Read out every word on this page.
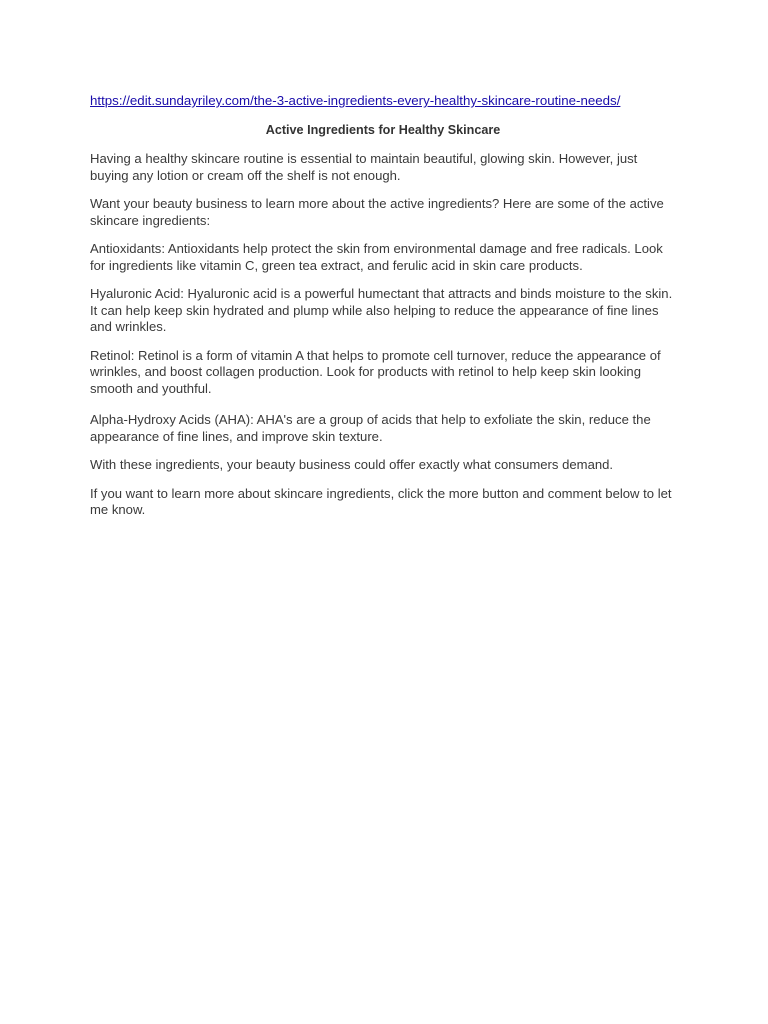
https://edit.sundayriley.com/the-3-active-ingredients-every-healthy-skincare-routine-needs/
Active Ingredients for Healthy Skincare

Having a healthy skincare routine is essential to maintain beautiful, glowing skin. However, just buying any lotion or cream off the shelf is not enough.

Want your beauty business to learn more about the active ingredients? Here are some of the active skincare ingredients:

Antioxidants: Antioxidants help protect the skin from environmental damage and free radicals. Look for ingredients like vitamin C, green tea extract, and ferulic acid in skin care products.

Hyaluronic Acid: Hyaluronic acid is a powerful humectant that attracts and binds moisture to the skin. It can help keep skin hydrated and plump while also helping to reduce the appearance of fine lines and wrinkles.

Retinol: Retinol is a form of vitamin A that helps to promote cell turnover, reduce the appearance of wrinkles, and boost collagen production. Look for products with retinol to help keep skin looking smooth and youthful.

Alpha-Hydroxy Acids (AHA): AHA's are a group of acids that help to exfoliate the skin, reduce the appearance of fine lines, and improve skin texture.

With these ingredients, your beauty business could offer exactly what consumers demand.

If you want to learn more about skincare ingredients, click the more button and comment below to let me know.
